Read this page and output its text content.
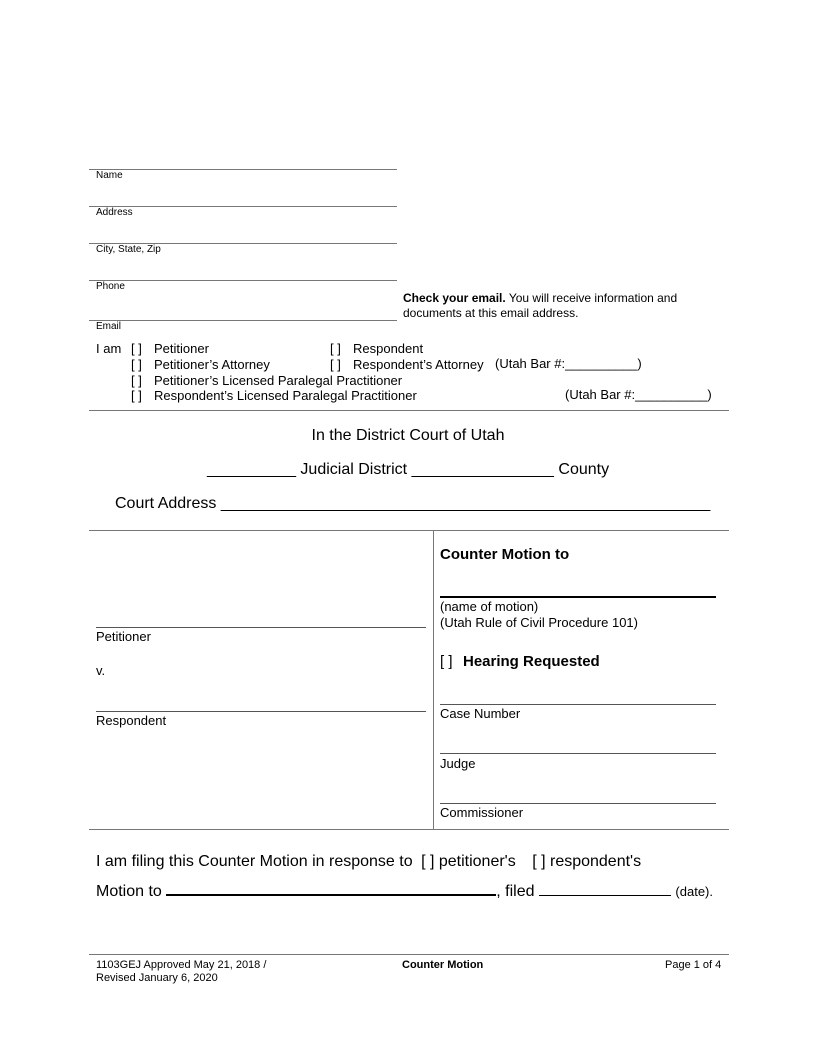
Name
Address
City, State, Zip
Phone
Check your email. You will receive information and
documents at this email address.
Email
I am [ ] Petitioner	[ ] Respondent
[ ] Petitioner’s Attorney	[ ] Respondent’s Attorney (Utah Bar #:__________)
[ ] Petitioner’s Licensed Paralegal Practitioner
[ ] Respondent’s Licensed Paralegal Practitioner	(Utah Bar #:__________)
In the District Court of Utah
__________ Judicial District ________________ County
Court Address _______________________________________________________
Petitioner
v.
Respondent
Counter Motion to
(name of motion)
(Utah Rule of Civil Procedure 101)
[ ] Hearing Requested
Case Number
Judge
Commissioner
I am filing this Counter Motion in response to [ ] petitioner's [ ] respondent's
Motion to	, filed	(date).
1103GEJ Approved May 21, 2018 /
Revised January 6, 2020
Counter Motion	Page 1 of 4
